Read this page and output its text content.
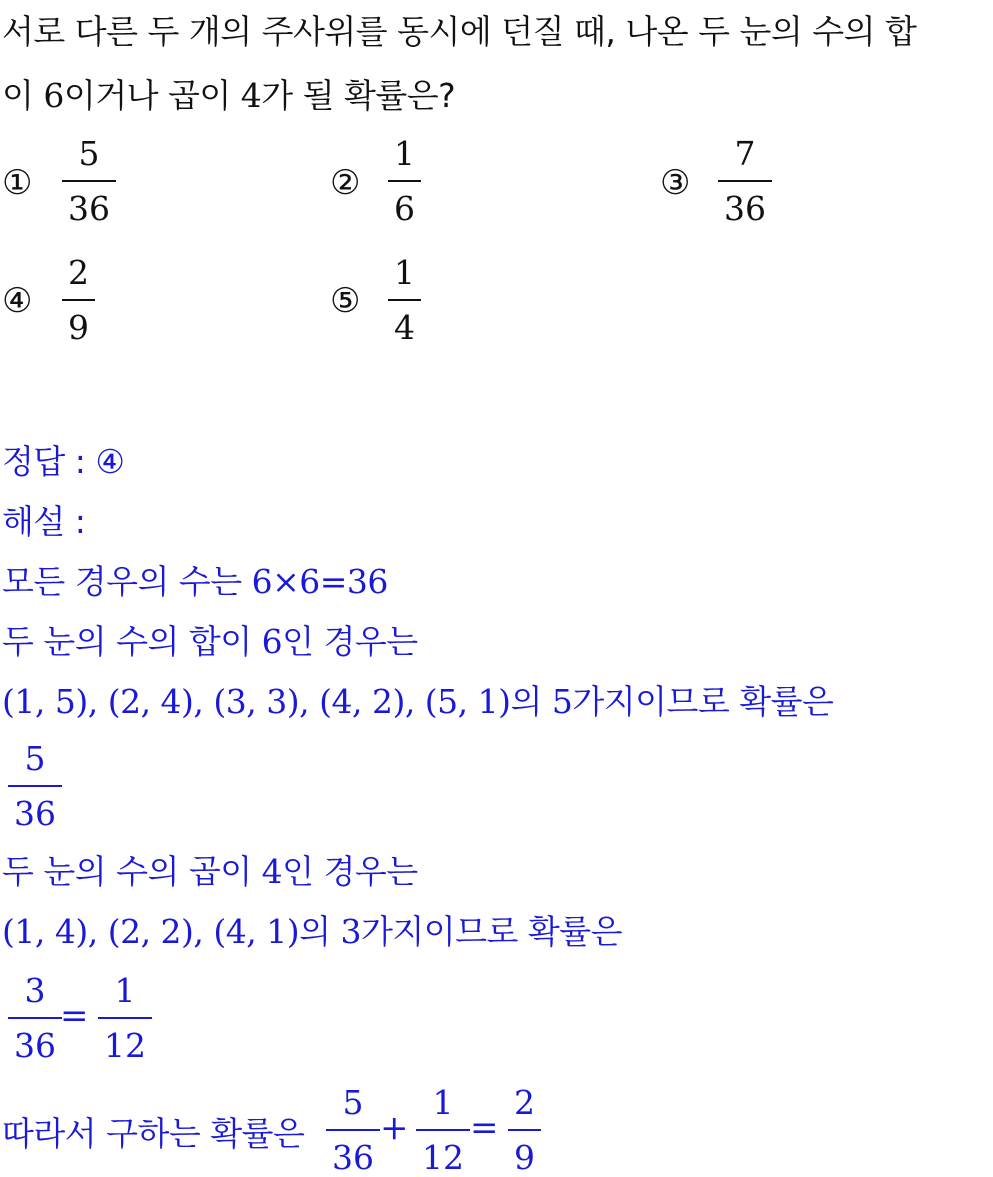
서로 다른 두 개의 주사위를 동시에 던질 때, 나온 두 눈의 수의 합
이 6이거나 곱이 4가 될 확률은?
① $\frac{5}{36}$	② $\frac{1}{6}$	③ $\frac{7}{36}$
④ $\frac{2}{9}$	⑤ $\frac{1}{4}$
정답 : ④
해설 :
모든 경우의 수는 6×6=36
두 눈의 수의 합이 6인 경우는
(1, 5), (2, 4), (3, 3), (4, 2), (5, 1)의 5가지이므로 확률은
$\frac{5}{36}$
두 눈의 수의 곱이 4인 경우는
(1, 4), (2, 2), (4, 1)의 3가지이므로 확률은
$\frac{3}{36}$
= $\frac{1}{12}$
따라서 구하는 확률은 $\frac{5}{36} + \frac{1}{12} = \frac{2}{9}$
